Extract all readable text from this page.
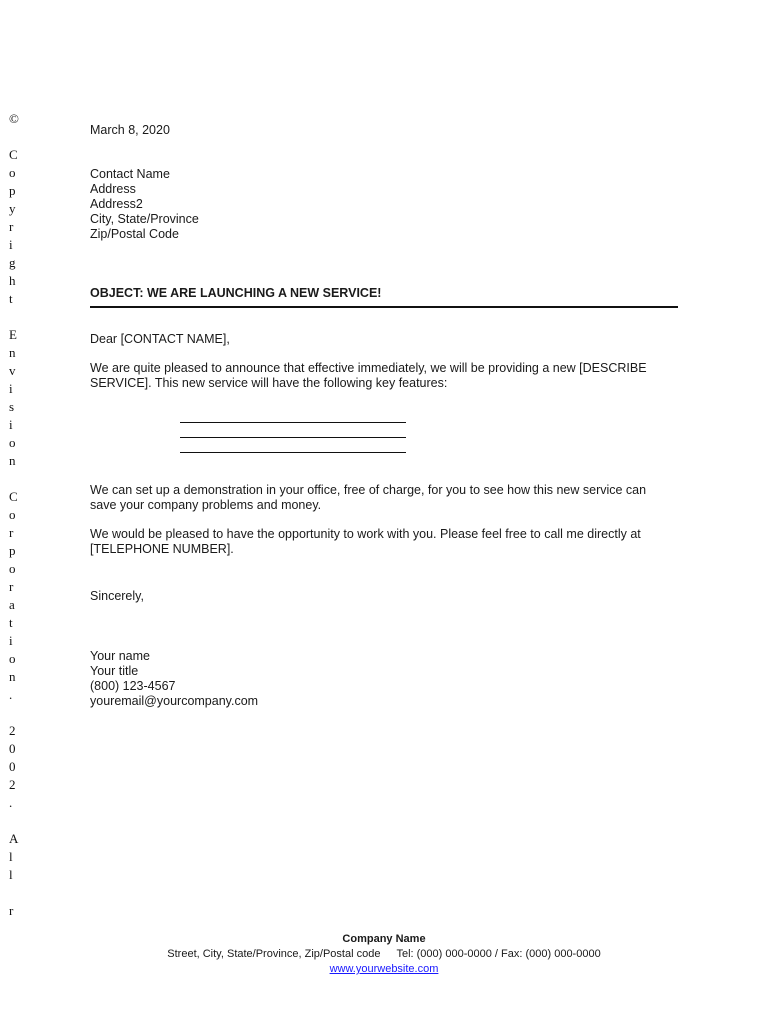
©

C
o
p
y
r
i
g
h
t

E
n
v
i
s
i
o
n

C
o
r
p
o
r
a
t
i
o
n
.

2
0
0
2
.

A
l
l

r
March 8, 2020
Contact Name
Address
Address2
City, State/Province
Zip/Postal Code
OBJECT: WE ARE LAUNCHING A NEW SERVICE!
Dear [CONTACT NAME],
We are quite pleased to announce that effective immediately, we will be providing a new [DESCRIBE SERVICE]. This new service will have the following key features:
We can set up a demonstration in your office, free of charge, for you to see how this new service can save your company problems and money.
We would be pleased to have the opportunity to work with you. Please feel free to call me directly at [TELEPHONE NUMBER].
Sincerely,
Your name
Your title
(800) 123-4567
youremail@yourcompany.com
Company Name
Street, City, State/Province, Zip/Postal code Tel: (000) 000-0000 / Fax: (000) 000-0000
www.yourwebsite.com
